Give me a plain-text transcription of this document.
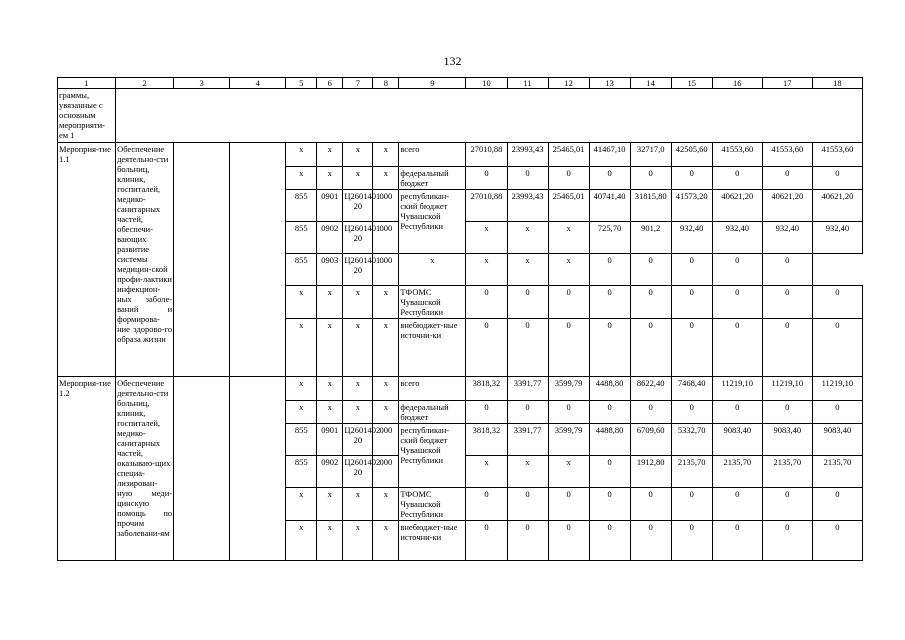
132
1	2	3	4	5	6	7	8	9	10	11	12	13	14	15	16	17	18
граммы, увязанные с основным мероприяти-ем 1																	
Мероприя-тие 1.1	Обеспечение деятельно-сти больниц, клиник, госпиталей, медико-санитарных частей, обеспечи-вающих развитие системы медицин-ской профи-лактики инфекцион-ных заболе-ваний и формирова-ние здорово-го образа жизни			x	x	x	x	всего	27010,88	23993,43	25465,01	41467,10	32717,0	42505,60	41553,60	41553,60	41553,60
				x	x	x	x	федеральный бюджет	0	0	0	0	0	0	0	0	0
				855	0901	Ц2601401 20	000	республикан-ский бюджет Чувашской Республики	27010,88	23993,43	25465,01	40741,40	31815,80	41573,20	40621,20	40621,20	40621,20
				855	0902	Ц2601401 20	000		x	x	x	725,70	901,2	932,40	932,40	932,40	932,40
				855	0903	Ц2601401 20	000	x	x	x	x	0	0	0	0	0	
				x	x	x	x	ТФОМС Чувашской Республики	0	0	0	0	0	0	0	0	0
				x	x	x	x	внебюджет-ные источни-ки	0	0	0	0	0	0	0	0	0
Мероприя-тие 1.2	Обеспечение деятельно-сти больниц, клиник, госпиталей, медико-санитарных частей, оказываю-щих специа-лизирован-ную меди-цинскую помощь по прочим заболевани-ям			x	x	x	x	всего	3818,32	3391,77	3599,79	4488,80	8622,40	7468,40	11219,10	11219,10	11219,10
				x	x	x	x	федеральный бюджет	0	0	0	0	0	0	0	0	0
				855	0901	Ц2601402 20	000	республикан-ский бюджет Чувашской Республики	3818,32	3391,77	3599,79	4488,80	6709,60	5332,70	9083,40	9083,40	9083,40
				855	0902	Ц2601402 20	000		x	x	x	0	1912,80	2135,70	2135,70	2135,70	2135,70
				x	x	x	x	ТФОМС Чувашской Республики	0	0	0	0	0	0	0	0	0
				x	x	x	x	внебюджет-ные источни-ки	0	0	0	0	0	0	0	0	0
